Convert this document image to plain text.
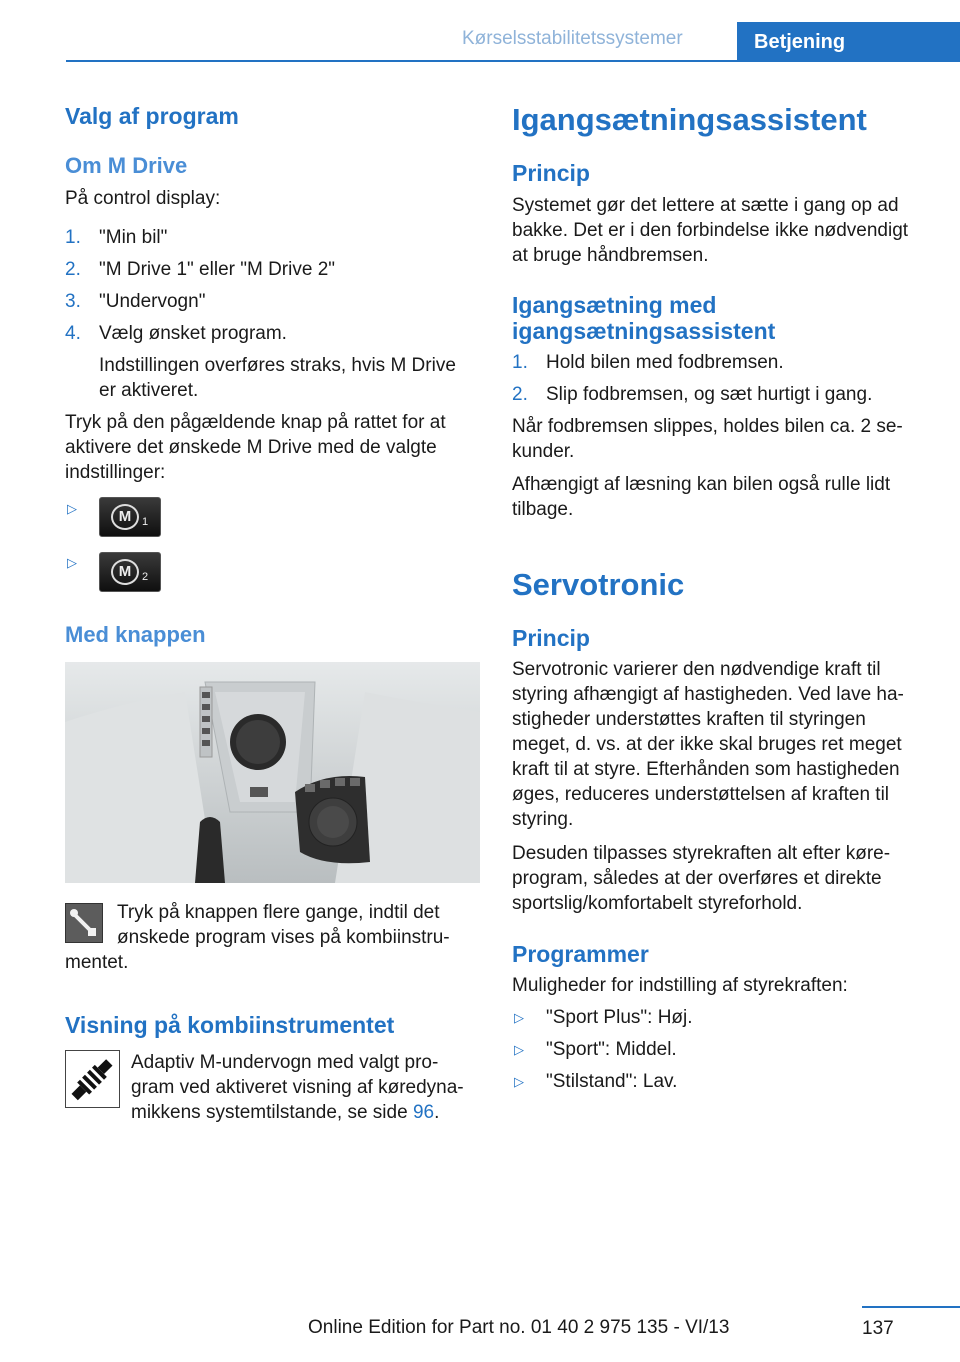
Kørselsstabilitetssystemer	Betjening
Valg af program
Om M Drive
På control display:
1. "Min bil"
2. "M Drive 1" eller "M Drive 2"
3. "Undervogn"
4. Vælg ønsket program.
Indstillingen overføres straks, hvis M Drive
er aktiveret.
Tryk på den pågældende knap på rattet for at
aktivere det ønskede M Drive med de valgte
indstillinger:
▷	M 1
▷
M 2
Med knappen
Tryk på knappen flere gange, indtil det
ønskede program vises på kombiinstru‐
mentet.
Visning på kombiinstrumentet
Adaptiv M-undervogn med valgt pro‐
gram ved aktiveret visning af køredyna‐
mikkens systemtilstande, se side 96.
Igangsætningsassistent
Princip
Systemet gør det lettere at sætte i gang op ad
bakke. Det er i den forbindelse ikke nødvendigt
at bruge håndbremsen.
Igangsætning med
igangsætningsassistent
1. Hold bilen med fodbremsen.
2. Slip fodbremsen, og sæt hurtigt i gang.
Når fodbremsen slippes, holdes bilen ca. 2 se‐
kunder.
Afhængigt af læsning kan bilen også rulle lidt
tilbage.
Servotronic
Princip
Servotronic varierer den nødvendige kraft til
styring afhængigt af hastigheden. Ved lave ha‐
stigheder understøttes kraften til styringen
meget, d. vs. at der ikke skal bruges ret meget
kraft til at styre. Efterhånden som hastigheden
øges, reduceres understøttelsen af kraften til
styring.
Desuden tilpasses styrekraften alt efter køre‐
program, således at der overføres et direkte
sportslig/komfortabelt styreforhold.
Programmer
Muligheder for indstilling af styrekraften:
▷ "Sport Plus": Høj.
▷ "Sport": Middel.
▷ "Stilstand": Lav.
137
Online Edition for Part no. 01 40 2 975 135 - VI/13
